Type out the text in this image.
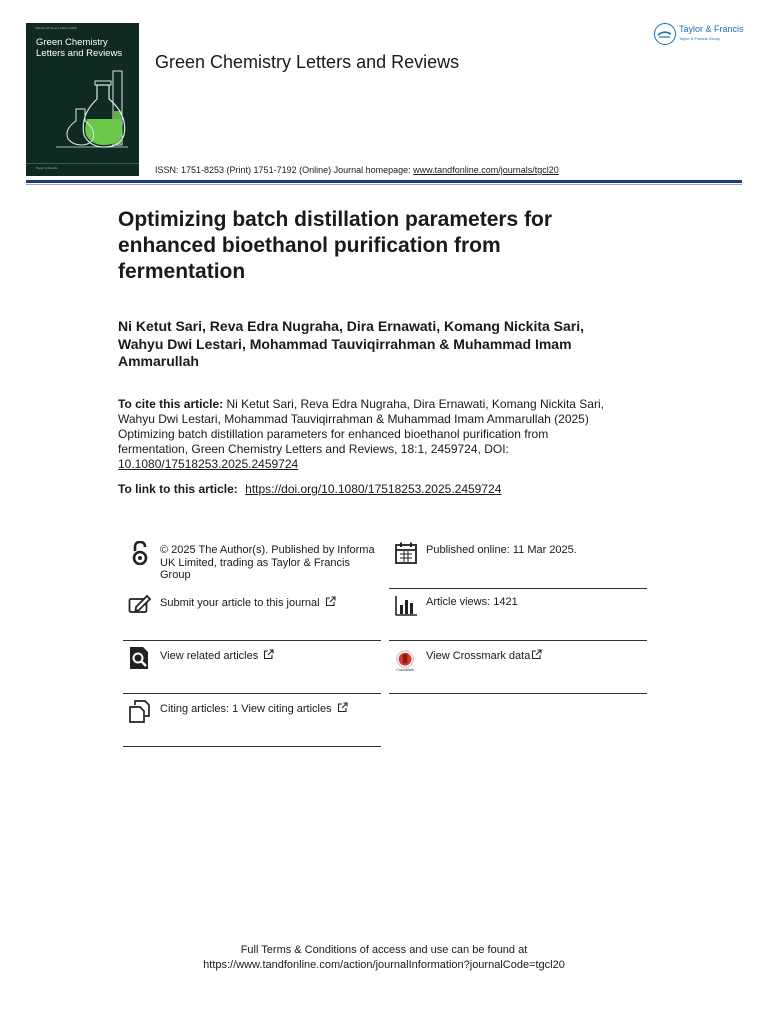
Volume 18 Issue 1 March 2025
Green Chemistry Letters and Reviews
Taylor & Francis
Green Chemistry Letters and Reviews
Taylor & Francis
Taylor & Francis Group
ISSN: 1751-8253 (Print) 1751-7192 (Online) Journal homepage: www.tandfonline.com/journals/tgcl20
Optimizing batch distillation parameters for enhanced bioethanol purification from fermentation
Ni Ketut Sari, Reva Edra Nugraha, Dira Ernawati, Komang Nickita Sari, Wahyu Dwi Lestari, Mohammad Tauviqirrahman & Muhammad Imam Ammarullah
To cite this article: Ni Ketut Sari, Reva Edra Nugraha, Dira Ernawati, Komang Nickita Sari, Wahyu Dwi Lestari, Mohammad Tauviqirrahman & Muhammad Imam Ammarullah (2025) Optimizing batch distillation parameters for enhanced bioethanol purification from fermentation, Green Chemistry Letters and Reviews, 18:1, 2459724, DOI: 10.1080/17518253.2025.2459724
To link to this article: https://doi.org/10.1080/17518253.2025.2459724
© 2025 The Author(s). Published by Informa UK Limited, trading as Taylor & Francis Group
Submit your article to this journal
View related articles
Citing articles: 1 View citing articles
Published online: 11 Mar 2025.
Article views: 1421
CrossMark
View Crossmark data
Full Terms & Conditions of access and use can be found at
https://www.tandfonline.com/action/journalInformation?journalCode=tgcl20
